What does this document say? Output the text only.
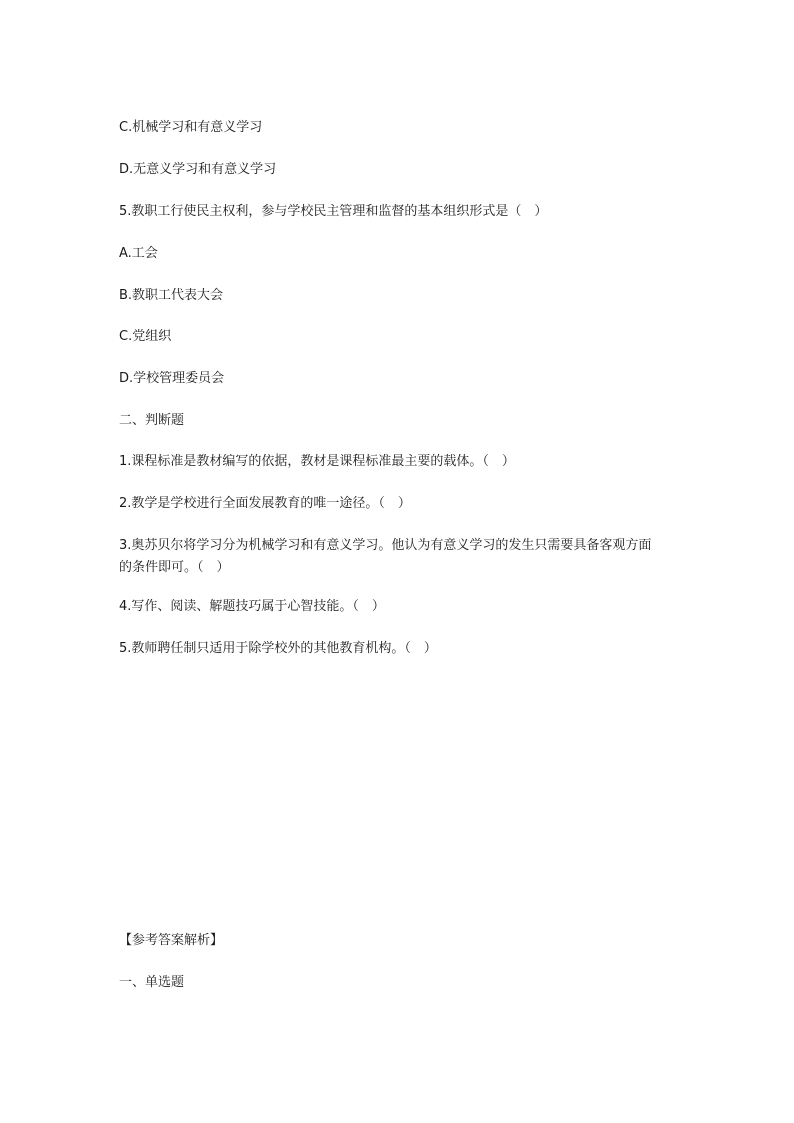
C.机械学习和有意义学习
D.无意义学习和有意义学习
5.教职工行使民主权利，参与学校民主管理和监督的基本组织形式是（　）
A.工会
B.教职工代表大会
C.党组织
D.学校管理委员会
二、判断题
1.课程标准是教材编写的依据，教材是课程标准最主要的载体。（　）
2.教学是学校进行全面发展教育的唯一途径。（　）
3.奥苏贝尔将学习分为机械学习和有意义学习。他认为有意义学习的发生只需要具备客观方面的条件即可。（　）
4.写作、阅读、解题技巧属于心智技能。（　）
5.教师聘任制只适用于除学校外的其他教育机构。（　）
【参考答案解析】
一、单选题
